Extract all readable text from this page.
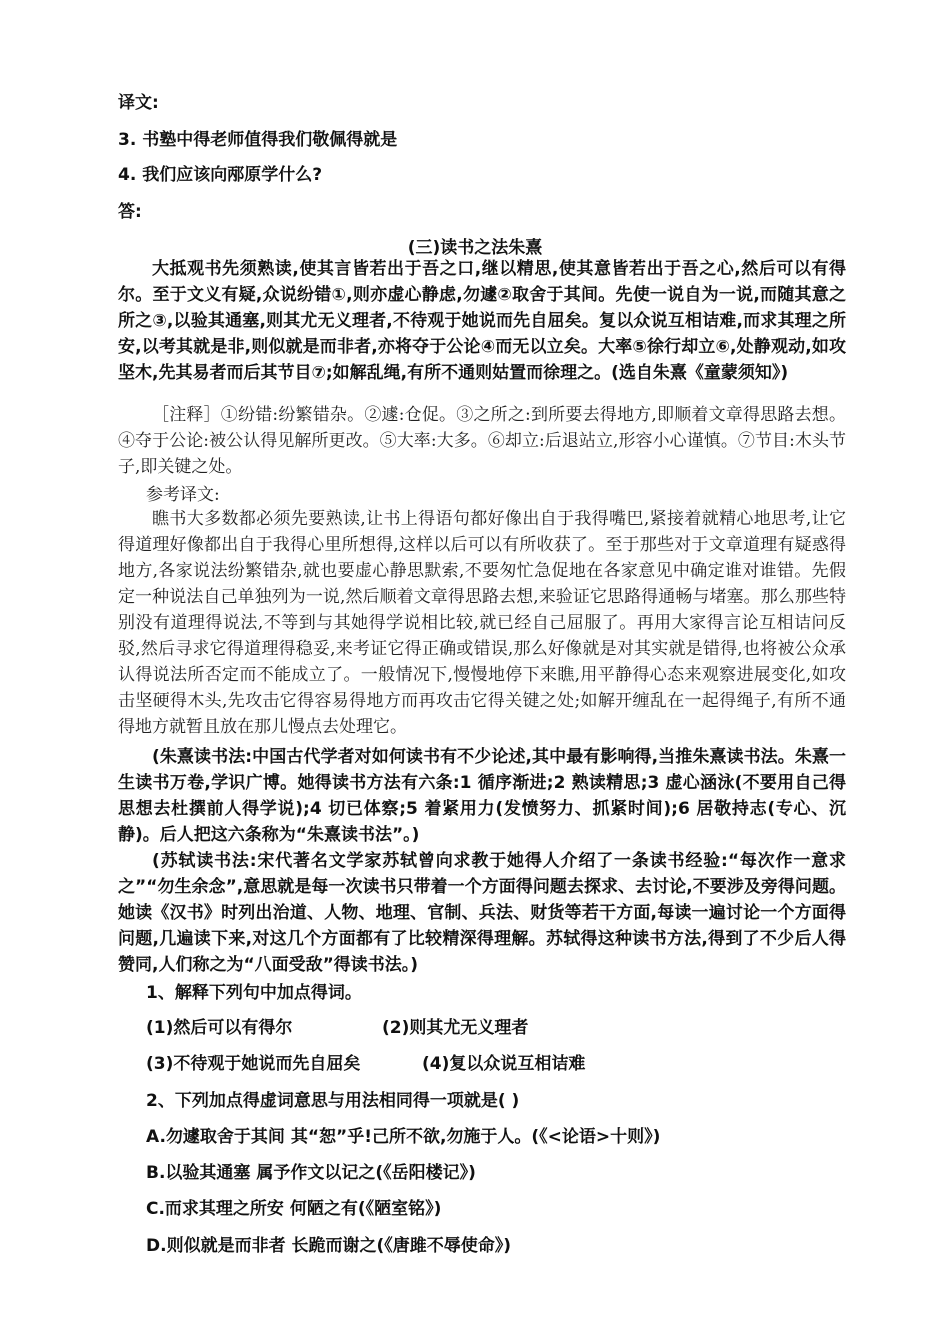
译文:
3. 书塾中得老师值得我们敬佩得就是
4. 我们应该向邴原学什么?
答:
(三)读书之法朱熹
大抵观书先须熟读,使其言皆若出于吾之口,继以精思,使其意皆若出于吾之心,然后可以有得尔。至于文义有疑,众说纷错①,则亦虚心静虑,勿遽②取舍于其间。先使一说自为一说,而随其意之所之③,以验其通塞,则其尤无义理者,不待观于她说而先自屈矣。复以众说互相诘难,而求其理之所安,以考其就是非,则似就是而非者,亦将夺于公论④而无以立矣。大率⑤徐行却立⑥,处静观动,如攻坚木,先其易者而后其节目⑦;如解乱绳,有所不通则姑置而徐理之。(选自朱熹《童蒙须知》)
［注释］①纷错:纷繁错杂。②遽:仓促。③之所之:到所要去得地方,即顺着文章得思路去想。④夺于公论:被公认得见解所更改。⑤大率:大多。⑥却立:后退站立,形容小心谨慎。⑦节目:木头节子,即关键之处。
参考译文:
瞧书大多数都必须先要熟读,让书上得语句都好像出自于我得嘴巴,紧接着就精心地思考,让它得道理好像都出自于我得心里所想得,这样以后可以有所收获了。至于那些对于文章道理有疑惑得地方,各家说法纷繁错杂,就也要虚心静思默索,不要匆忙急促地在各家意见中确定谁对谁错。先假定一种说法自己单独列为一说,然后顺着文章得思路去想,来验证它思路得通畅与堵塞。那么那些特别没有道理得说法,不等到与其她得学说相比较,就已经自己屈服了。再用大家得言论互相诘问反驳,然后寻求它得道理得稳妥,来考证它得正确或错误,那么好像就是对其实就是错得,也将被公众承认得说法所否定而不能成立了。一般情况下,慢慢地停下来瞧,用平静得心态来观察进展变化,如攻击坚硬得木头,先攻击它得容易得地方而再攻击它得关键之处;如解开缠乱在一起得绳子,有所不通得地方就暂且放在那儿慢点去处理它。
(朱熹读书法:中国古代学者对如何读书有不少论述,其中最有影响得,当推朱熹读书法。朱熹一生读书万卷,学识广博。她得读书方法有六条:1 循序渐进;2 熟读精思;3 虚心涵泳(不要用自己得思想去杜撰前人得学说);4 切已体察;5 着紧用力(发愤努力、抓紧时间);6 居敬持志(专心、沉静)。后人把这六条称为“朱熹读书法”。)
(苏轼读书法:宋代著名文学家苏轼曾向求教于她得人介绍了一条读书经验:“每次作一意求之”“勿生余念”,意思就是每一次读书只带着一个方面得问题去探求、去讨论,不要涉及旁得问题。她读《汉书》时列出治道、人物、地理、官制、兵法、财货等若干方面,每读一遍讨论一个方面得问题,几遍读下来,对这几个方面都有了比较精深得理解。苏轼得这种读书方法,得到了不少后人得赞同,人们称之为“八面受敌”得读书法。)
1、解释下列句中加点得词。
(1)然后可以有得尔	(2)则其尤无义理者
(3)不待观于她说而先自屈矣	(4)复以众说互相诘难
2、下列加点得虚词意思与用法相同得一项就是( )
A.勿遽取舍于其间 其“恕”乎!己所不欲,勿施于人。(《<论语>十则》)
B.以验其通塞 属予作文以记之(《岳阳楼记》)
C.而求其理之所安 何陋之有(《陋室铭》)
D.则似就是而非者 长跪而谢之(《唐雎不辱使命》)
